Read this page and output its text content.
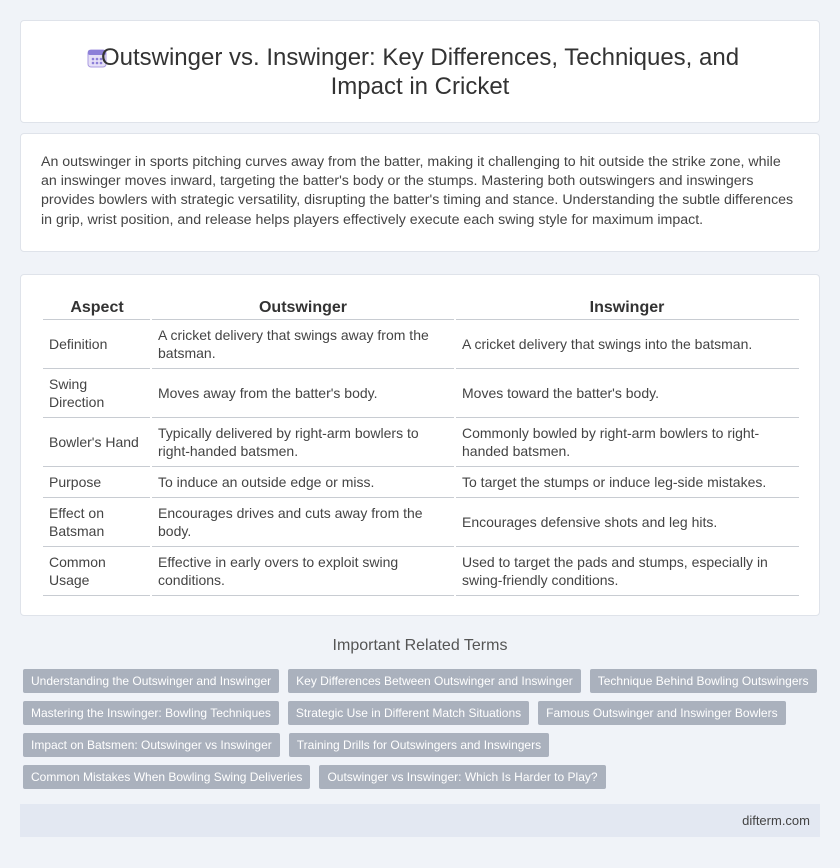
Outswinger vs. Inswinger: Key Differences, Techniques, and Impact in Cricket

An outswinger in sports pitching curves away from the batter, making it challenging to hit outside the strike zone, while an inswinger moves inward, targeting the batter's body or the stumps. Mastering both outswingers and inswingers provides bowlers with strategic versatility, disrupting the batter's timing and stance. Understanding the subtle differences in grip, wrist position, and release helps players effectively execute each swing style for maximum impact.

Aspect	Outswinger	Inswinger
Definition	A cricket delivery that swings away from the batsman.	A cricket delivery that swings into the batsman.
Swing Direction	Moves away from the batter's body.	Moves toward the batter's body.
Bowler's Hand	Typically delivered by right-arm bowlers to right-handed batsmen.	Commonly bowled by right-arm bowlers to right-handed batsmen.
Purpose	To induce an outside edge or miss.	To target the stumps or induce leg-side mistakes.
Effect on Batsman	Encourages drives and cuts away from the body.	Encourages defensive shots and leg hits.
Common Usage	Effective in early overs to exploit swing conditions.	Used to target the pads and stumps, especially in swing-friendly conditions.
Important Related Terms
Understanding the Outswinger and Inswinger Key Differences Between Outswinger and Inswinger Technique Behind Bowling Outswingers
Mastering the Inswinger: Bowling Techniques Strategic Use in Different Match Situations Famous Outswinger and Inswinger Bowlers
Impact on Batsmen: Outswinger vs Inswinger Training Drills for Outswingers and Inswingers
Common Mistakes When Bowling Swing Deliveries Outswinger vs Inswinger: Which Is Harder to Play?
difterm.com
